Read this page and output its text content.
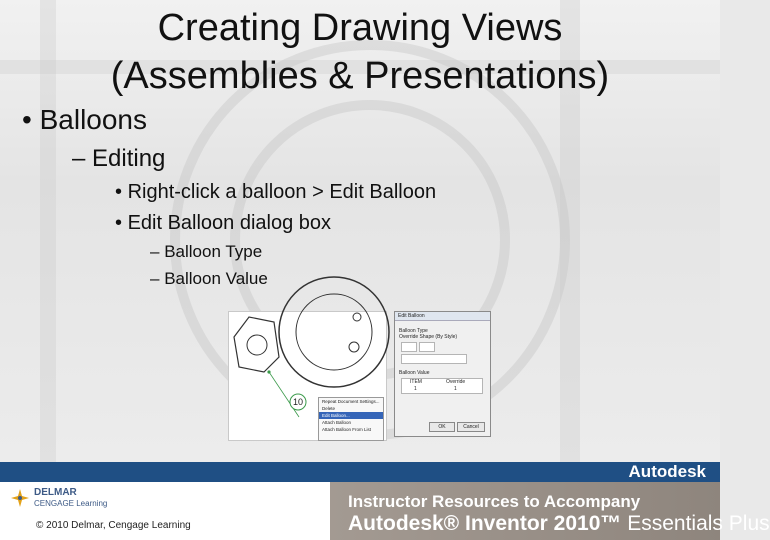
Creating Drawing Views
(Assemblies & Presentations)
• Balloons
– Editing
• Right-click a balloon > Edit Balloon
• Edit Balloon dialog box
– Balloon Type
– Balloon Value
10	Repeat Document Settings...
Delete
Edit Balloon...
Attach Balloon
Attach Balloon From List
Edit Balloon
Balloon Type
Override Shape (By Style)
Balloon Value
ITEM	Override
1	1
OK	Cancel
Autodesk
DELMAR
CENGAGE Learning
© 2010 Delmar, Cengage Learning
Instructor Resources to Accompany
Autodesk® Inventor 2010™ Essentials Plus
